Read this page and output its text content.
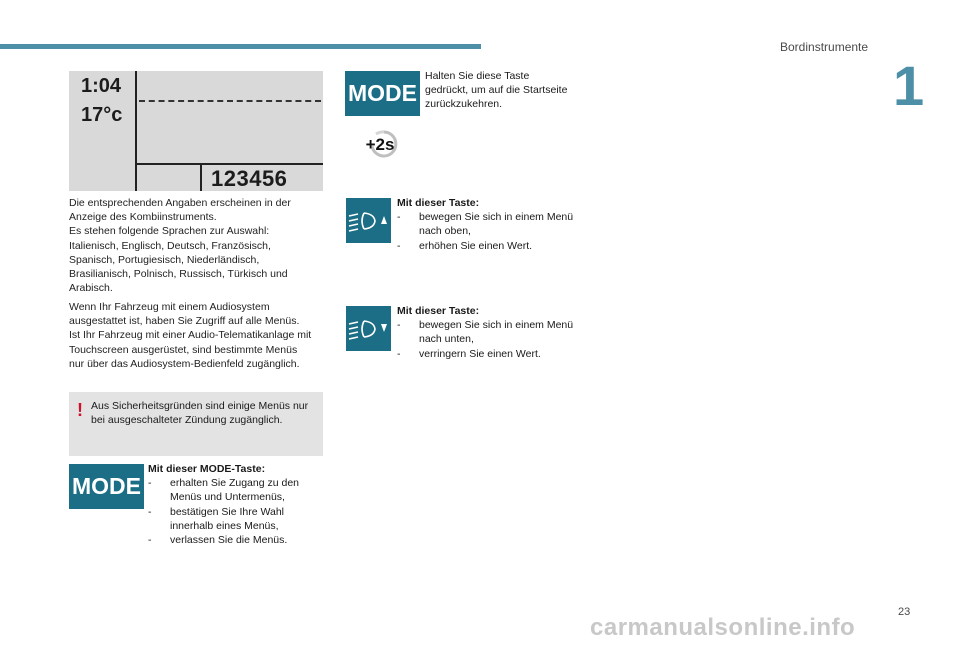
Bordinstrumente
1
1:04
17°c
123456
Die entsprechenden Angaben erscheinen in der
Anzeige des Kombiinstruments.
Es stehen folgende Sprachen zur Auswahl:
Italienisch, Englisch, Deutsch, Französisch,
Spanisch, Portugiesisch, Niederländisch,
Brasilianisch, Polnisch, Russisch, Türkisch und
Arabisch.
Wenn Ihr Fahrzeug mit einem Audiosystem
ausgestattet ist, haben Sie Zugriff auf alle Menüs.
Ist Ihr Fahrzeug mit einer Audio-Telematikanlage mit
Touchscreen ausgerüstet, sind bestimmte Menüs
nur über das Audiosystem-Bedienfeld zugänglich.
! Aus Sicherheitsgründen sind einige Menüs nur
bei ausgeschalteter Zündung zugänglich.
MODE
Mit dieser MODE-Taste:
- erhalten Sie Zugang zu den
Menüs und Untermenüs,
- bestätigen Sie Ihre Wahl
innerhalb eines Menüs,
- verlassen Sie die Menüs.
MODE
Halten Sie diese Taste
gedrückt, um auf die Startseite
zurückzukehren.
+2s
Mit dieser Taste:
- bewegen Sie sich in einem Menü
nach oben,
- erhöhen Sie einen Wert.
Mit dieser Taste:
- bewegen Sie sich in einem Menü
nach unten,
- verringern Sie einen Wert.
23
carmanualsonline.info
